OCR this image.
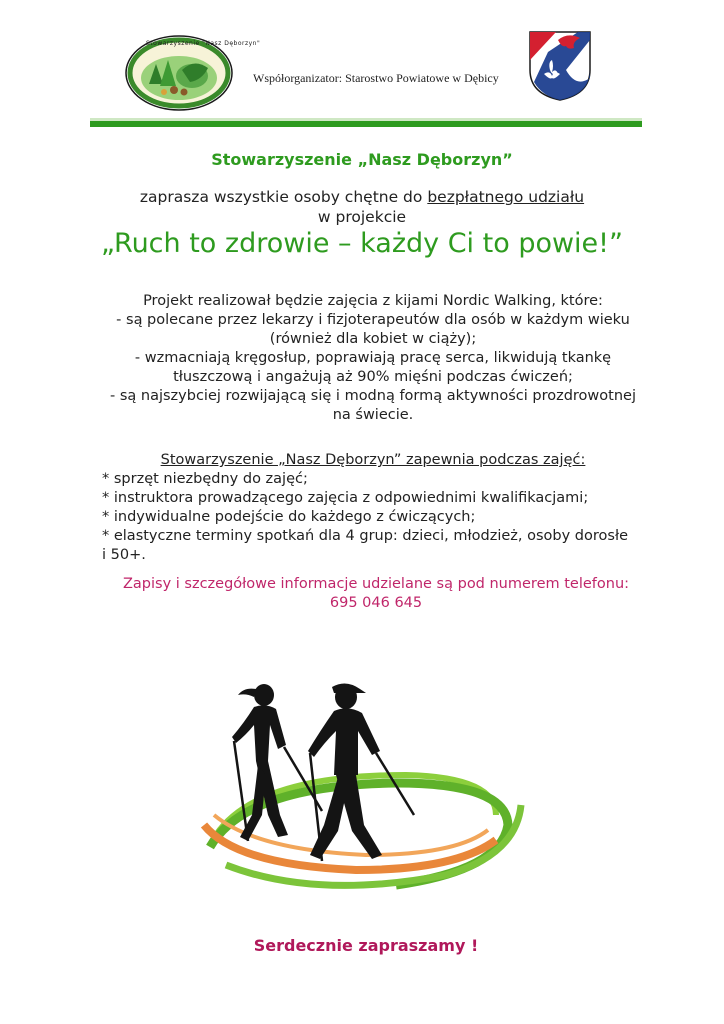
Stowarzyszenie "Nasz Dęborzyn"
Współorganizator: Starostwo Powiatowe w Dębicy
Stowarzyszenie „Nasz Dęborzyn”
zaprasza wszystkie osoby chętne do bezpłatnego udziału
w projekcie
„Ruch to zdrowie – każdy Ci to powie!”
Projekt realizował będzie zajęcia z kijami Nordic Walking, które:
- są polecane przez lekarzy i fizjoterapeutów dla osób w każdym wieku
(również dla kobiet w ciąży);
- wzmacniają kręgosłup, poprawiają pracę serca, likwidują tkankę
tłuszczową i angażują aż 90% mięśni podczas ćwiczeń;
- są najszybciej rozwijającą się i modną formą aktywności prozdrowotnej
na świecie.
Stowarzyszenie „Nasz Dęborzyn” zapewnia podczas zajęć:
* sprzęt niezbędny do zajęć;
* instruktora prowadzącego zajęcia z odpowiednimi kwalifikacjami;
* indywidualne podejście do każdego z ćwiczących;
* elastyczne terminy spotkań dla 4 grup: dzieci, młodzież, osoby dorosłe
i 50+.
Zapisy i szczegółowe informacje udzielane są pod numerem telefonu:
695 046 645
Serdecznie zapraszamy !
